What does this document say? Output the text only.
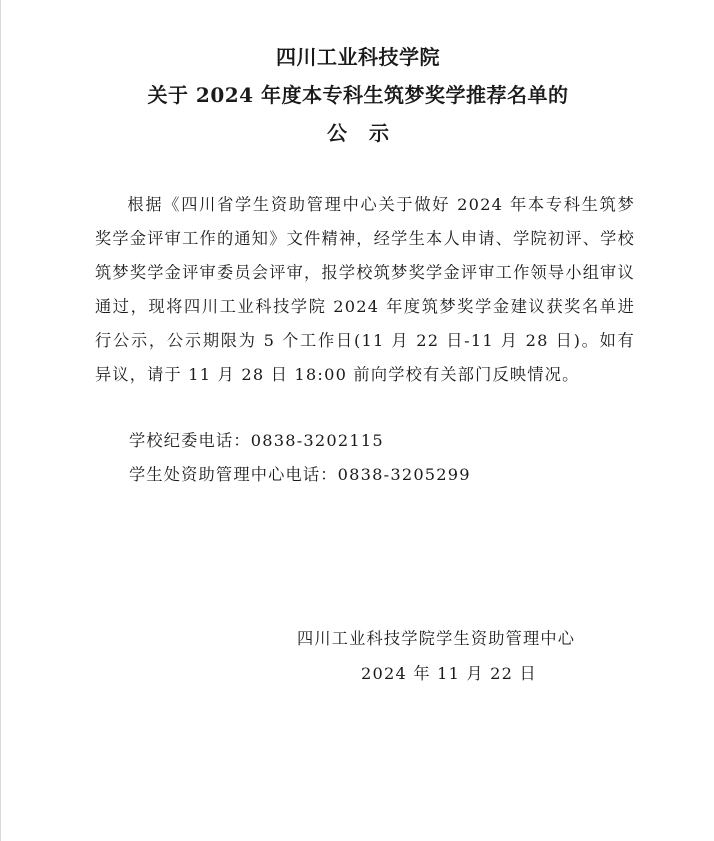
四川工业科技学院
关于 2024 年度本专科生筑梦奖学推荐名单的
公示

根据《四川省学生资助管理中心关于做好 2024 年本专科生筑梦奖学金评审工作的通知》文件精神，经学生本人申请、学院初评、学校筑梦奖学金评审委员会评审，报学校筑梦奖学金评审工作领导小组审议通过，现将四川工业科技学院 2024 年度筑梦奖学金建议获奖名单进行公示，公示期限为 5 个工作日(11 月 22 日-11 月 28 日)。如有异议，请于 11 月 28 日 18:00 前向学校有关部门反映情况。

学校纪委电话：0838-3202115
学生处资助管理中心电话：0838-3205299
四川工业科技学院学生资助管理中心
2024 年 11 月 22 日
